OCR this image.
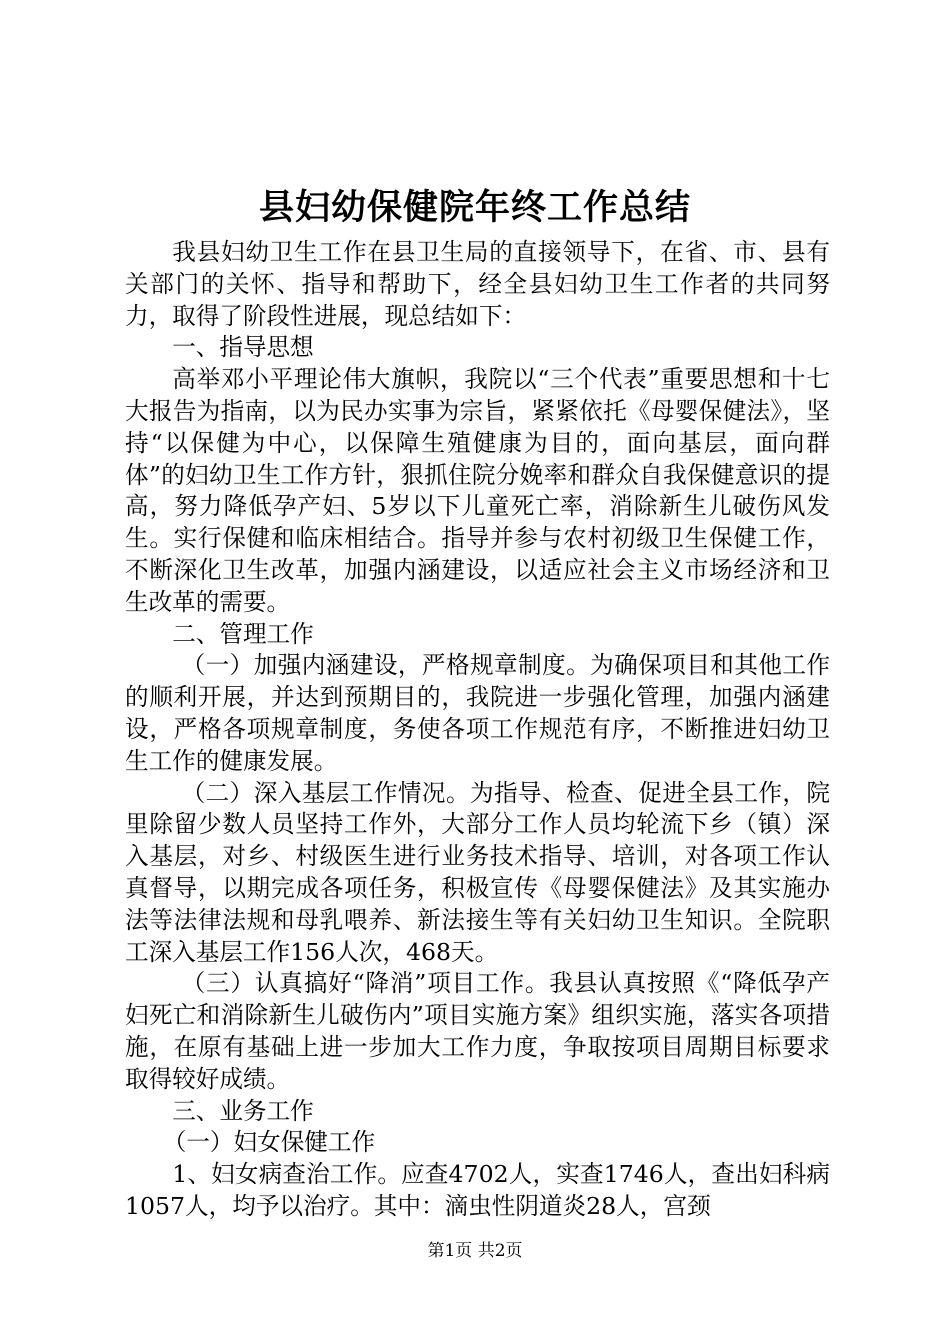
县妇幼保健院年终工作总结

我县妇幼卫生工作在县卫生局的直接领导下，在省、市、县有关部门的关怀、指导和帮助下，经全县妇幼卫生工作者的共同努力，取得了阶段性进展，现总结如下：

一、指导思想

高举邓小平理论伟大旗帜，我院以“三个代表”重要思想和十七大报告为指南，以为民办实事为宗旨，紧紧依托《母婴保健法》，坚持“以保健为中心，以保障生殖健康为目的，面向基层，面向群体”的妇幼卫生工作方针，狠抓住院分娩率和群众自我保健意识的提高，努力降低孕产妇、5岁以下儿童死亡率，消除新生儿破伤风发生。实行保健和临床相结合。指导并参与农村初级卫生保健工作，不断深化卫生改革，加强内涵建设，以适应社会主义市场经济和卫生改革的需要。

二、管理工作

（一）加强内涵建设，严格规章制度。为确保项目和其他工作的顺利开展，并达到预期目的，我院进一步强化管理，加强内涵建设，严格各项规章制度，务使各项工作规范有序，不断推进妇幼卫生工作的健康发展。

（二）深入基层工作情况。为指导、检查、促进全县工作，院里除留少数人员坚持工作外，大部分工作人员均轮流下乡（镇）深入基层，对乡、村级医生进行业务技术指导、培训，对各项工作认真督导，以期完成各项任务，积极宣传《母婴保健法》及其实施办法等法律法规和母乳喂养、新法接生等有关妇幼卫生知识。全院职工深入基层工作156人次，468天。

（三）认真搞好“降消”项目工作。我县认真按照《“降低孕产妇死亡和消除新生儿破伤内”项目实施方案》组织实施，落实各项措施，在原有基础上进一步加大工作力度，争取按项目周期目标要求取得较好成绩。

三、业务工作

（一）妇女保健工作

1、妇女病查治工作。应查4702人，实查1746人，查出妇科病1057人，均予以治疗。其中：滴虫性阴道炎28人，宫颈

第1页 共2页
